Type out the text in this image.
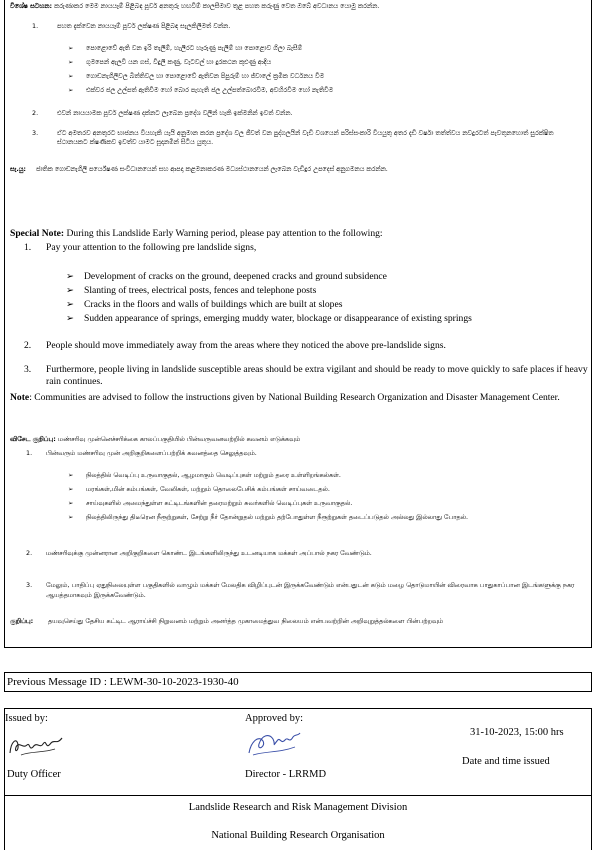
විශේෂ සටහන: කරුණාකර මෙම නායයෑම් පිළිබඳ පූර්ව අනතුරු හඟවීම් කාලසීමාව තුළ පහත කරුණු වෙත ඔබේ අවධානය යොමු කරන්න.
1.	පහත දැක්වෙන නායයෑම් පූර්ව ලක්ෂණ පිළිබඳ සැලකිලිමත් වන්න.
➢ පොළොවේ ඇති වන ඉරි තැලීම්, හැලීරට හෑරුණු පැලීම් හා පොළොව ගිලා බැසීම්
➢ ගුමපෙන් ඇලවී යන ගස්, විදුලි කණු, වැටවල් හා දුරකථන කුළුණු ආදිය
➢ ගොඩනැගිලිවල බිත්තිවල හා පොළොවේ ඇතිවන පිපුරුම් හා ජ්වාලේ ක්‍රමික වර්ධනය වීම
➢ එක්වර ජල උල්පත් ඇතිවීම හෝ බොර පැහැති ජල උල්පත්බොරවීම, අවහිරවීම හෝ නැතිවීම
2.	එවන් නායයාමක පූර්ව ලක්ෂණ දක්නට ලැබෙන ප්‍රදේශ වලින් හැකි ඉක්මනින් ඉවත් වන්න.
3.	ඒට අමතරව අනතුරට භාජනය වියහැකි යැයි අනුමාන කරන ප්‍රදේශ වල ජීවත් වන පුද්ගලයින් වැඩි වශයෙන් පරිස්සංකාරි වියයුතු අතර දැඩි වර්ෂා තත්ත්වය නවදුරටත් පැවතුනහොත් සුරක්ෂිත ස්ථානයකට ක්ෂණිකව ඉවත්ව යාමට සූදානමින් සිටිය යුතුය.
සැ.යු: ජාතික ගොඩනැගිලි පර්යේෂණ සංවිධානයෙන් සහ ආපදා කළමනාකරණ මධ්‍යස්ථානයෙන් ලැබෙන වැඩිදුර උපදෙස් අනුගමනය කරන්න.
Special Note: During this Landslide Early Warning period, please pay attention to the following:
1. Pay your attention to the following pre landslide signs,
➢ Development of cracks on the ground, deepened cracks and ground subsidence
➢ Slanting of trees, electrical posts, fences and telephone posts
➢ Cracks in the floors and walls of buildings which are built at slopes
➢ Sudden appearance of springs, emerging muddy water, blockage or disappearance of existing springs
2. People should move immediately away from the areas where they noticed the above pre-landslide signs.
3. Furthermore, people living in landslide susceptible areas should be extra vigilant and should be ready to move quickly to safe places if heavy rain continues.
Note: Communities are advised to follow the instructions given by National Building Research Organization and Disaster Management Center.
விசேட குறிப்பு: மண்சரிவு முன்னெச்சரிக்கை காலப்பகுதியில் பின்வருவனவற்றில் கவனம் எடுக்கவும்
1. பின்வரும் மண்சரிவு முன் அறிகுறிகளைப்பற்றிக் கவனத்தை செலுத்தவும்.
➢ நிலத்தில் வெடிப்பு உருவாகுதல், ஆழமாகும் வெடிப்புகள் மற்றும் தரை உள்ளிறங்கல்கள்.
➢ மரங்கள்,மின் கம்பங்கள், வேலிகள், மற்றும் தொலைபேசிக் கம்பங்கள் சாய்வடைதல்.
➢ சாய்வுகளில் அமைந்துள்ள கட்டிடங்களின் தரைமற்றும் சுவர்களில் வெடிப்புகள் உருவாகுதல்.
➢ நிலத்திலிருந்து திடீரென நீரூற்றுகள், சேற்று நீர் தோன்றுதல் மற்றும் தற்போதுள்ள நீரூற்றுகள் தடைப்படுதல் அல்லது இல்லாது போதல்.
2. மண்சரிவுக்கு முன்னரான அறிகுறிகளை கொண்ட இடங்களிலிருந்து உடனடியாக மக்கள் அப்பால் நகர வேண்டும்.
3. மேலும், பாதிப்பு ஏதுநிலையுள்ள பகுதிகளில் வாழும் மக்கள் மேலதிக விழிப்புடன் இருக்கவேண்டும் என்பதுடன் கடும் மழை தொடுமாயின் விரைவாக பாதுகாப்பான இடங்களுக்கு நகர ஆயத்தமாகவும் இருக்கவேண்டும்.
குறிப்பு: தயவுசெய்து தேசிய கட்டிட ஆராய்ச்சி நிறுவனம் மற்றும் அனர்த்த முகாமைத்துவ நிலையம் என்பவற்றின் அறிவுறுத்தல்களை பின்பற்றவும்
Previous Message ID : LEWM-30-10-2023-1930-40
Issued by:	Approved by:
31-10-2023, 15:00 hrs
Date and time issued
Duty Officer	Director - LRRMD
Landslide Research and Risk Management Division
National Building Research Organisation
